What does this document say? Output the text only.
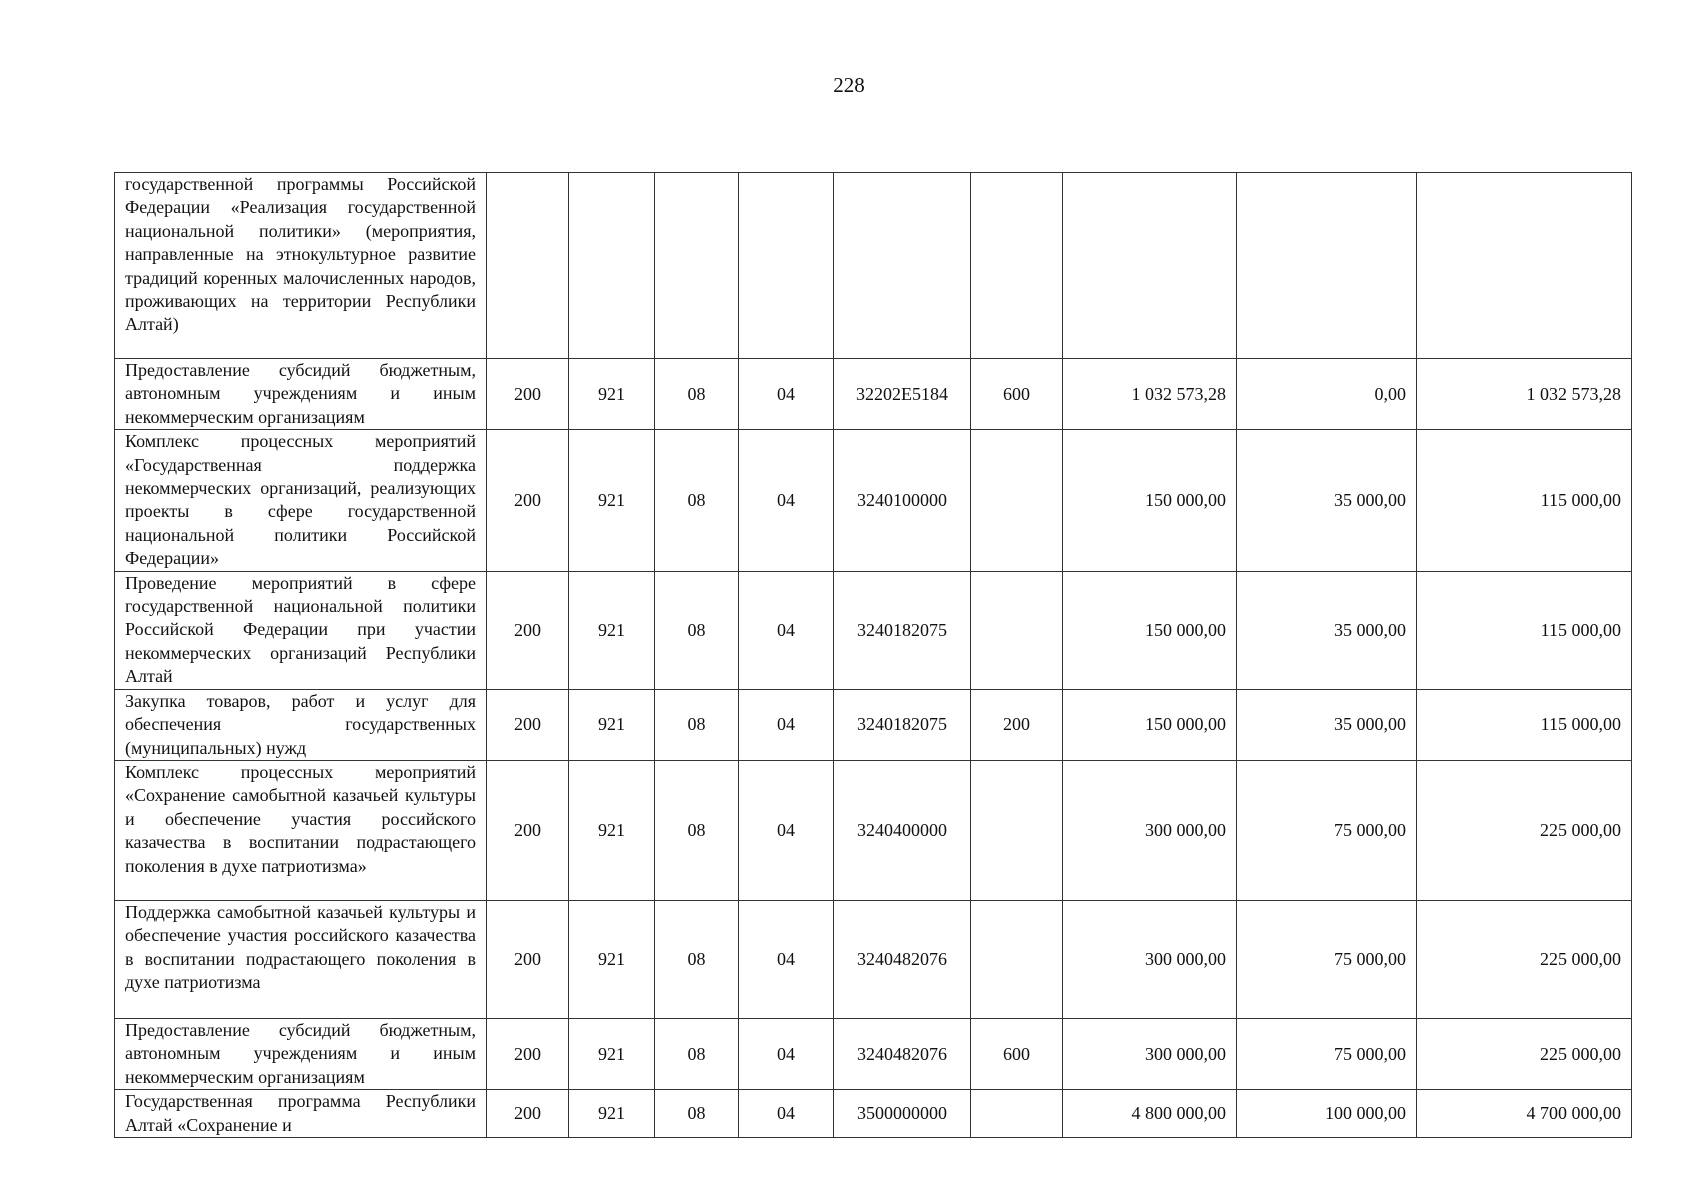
228
государственной программы Российской Федерации «Реализация государственной национальной политики» (мероприятия, направленные на этнокультурное развитие традиций коренных малочисленных народов, проживающих на территории Республики Алтай)									
Предоставление субсидий бюджетным, автономным учреждениям и иным некоммерческим организациям	200	921	08	04	32202E5184	600	1 032 573,28	0,00	1 032 573,28
Комплекс процессных мероприятий «Государственная поддержка некоммерческих организаций, реализующих проекты в сфере государственной национальной политики Российской Федерации»	200	921	08	04	3240100000		150 000,00	35 000,00	115 000,00
Проведение мероприятий в сфере государственной национальной политики Российской Федерации при участии некоммерческих организаций Республики Алтай	200	921	08	04	3240182075		150 000,00	35 000,00	115 000,00
Закупка товаров, работ и услуг для обеспечения государственных (муниципальных) нужд	200	921	08	04	3240182075	200	150 000,00	35 000,00	115 000,00
Комплекс процессных мероприятий «Сохранение самобытной казачьей культуры и обеспечение участия российского казачества в воспитании подрастающего поколения в духе патриотизма»	200	921	08	04	3240400000		300 000,00	75 000,00	225 000,00
Поддержка самобытной казачьей культуры и обеспечение участия российского казачества в воспитании подрастающего поколения в духе патриотизма	200	921	08	04	3240482076		300 000,00	75 000,00	225 000,00
Предоставление субсидий бюджетным, автономным учреждениям и иным некоммерческим организациям	200	921	08	04	3240482076	600	300 000,00	75 000,00	225 000,00
Государственная программа Республики Алтай «Сохранение и	200	921	08	04	3500000000		4 800 000,00	100 000,00	4 700 000,00
